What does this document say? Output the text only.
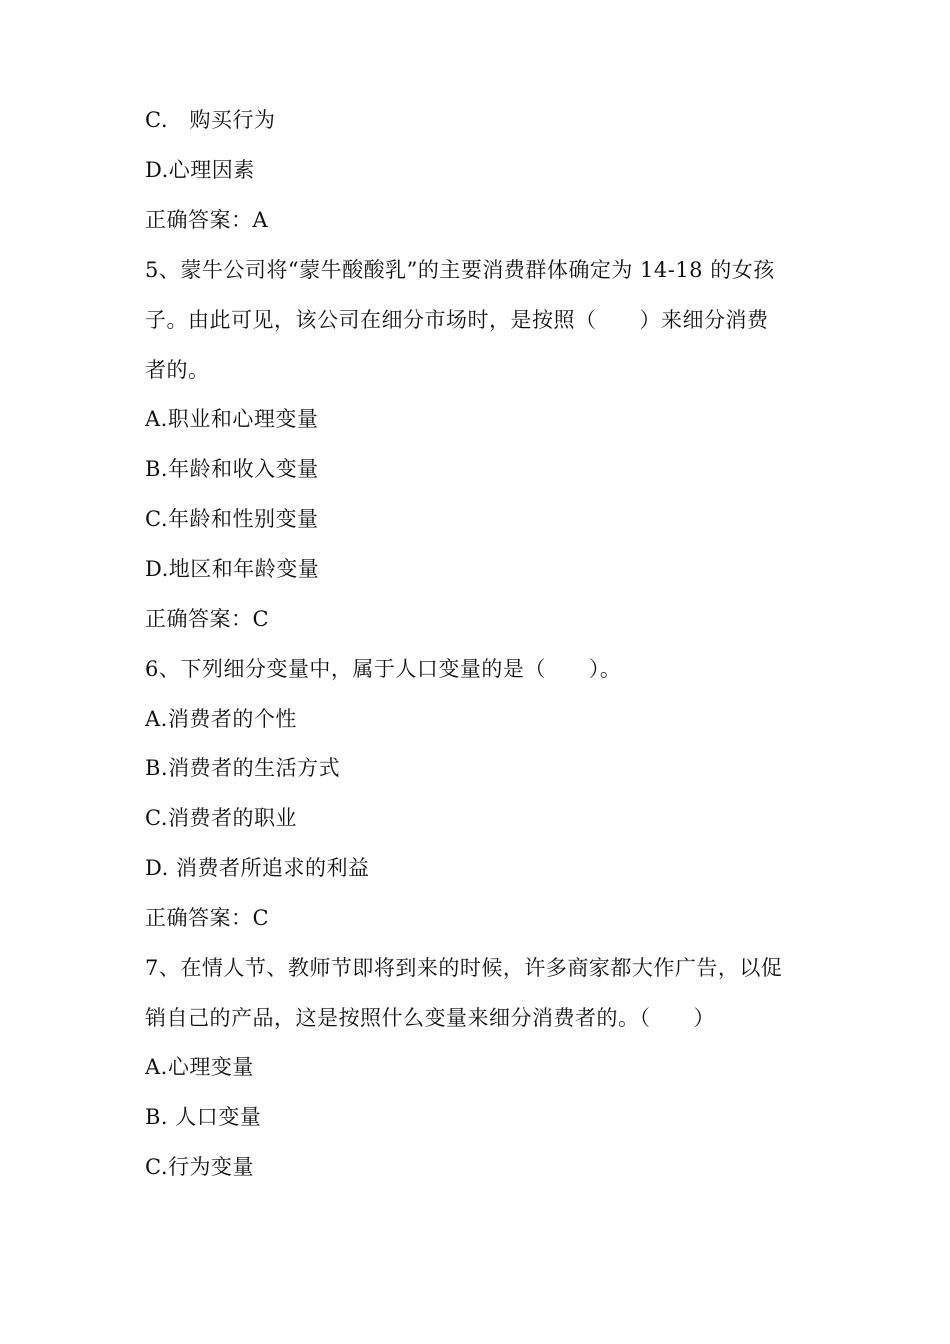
C.   购买行为
D.心理因素
正确答案：A
5、蒙牛公司将“蒙牛酸酸乳”的主要消费群体确定为 14-18 的女孩
子。由此可见，该公司在细分市场时，是按照（      ）来细分消费
者的。
A.职业和心理变量
B.年龄和收入变量
C.年龄和性别变量
D.地区和年龄变量
正确答案：C
6、下列细分变量中，属于人口变量的是（      ）。
A.消费者的个性
B.消费者的生活方式
C.消费者的职业
D. 消费者所追求的利益
正确答案：C
7、在情人节、教师节即将到来的时候，许多商家都大作广告，以促
销自己的产品，这是按照什么变量来细分消费者的。（      ）
A.心理变量
B. 人口变量
C.行为变量
